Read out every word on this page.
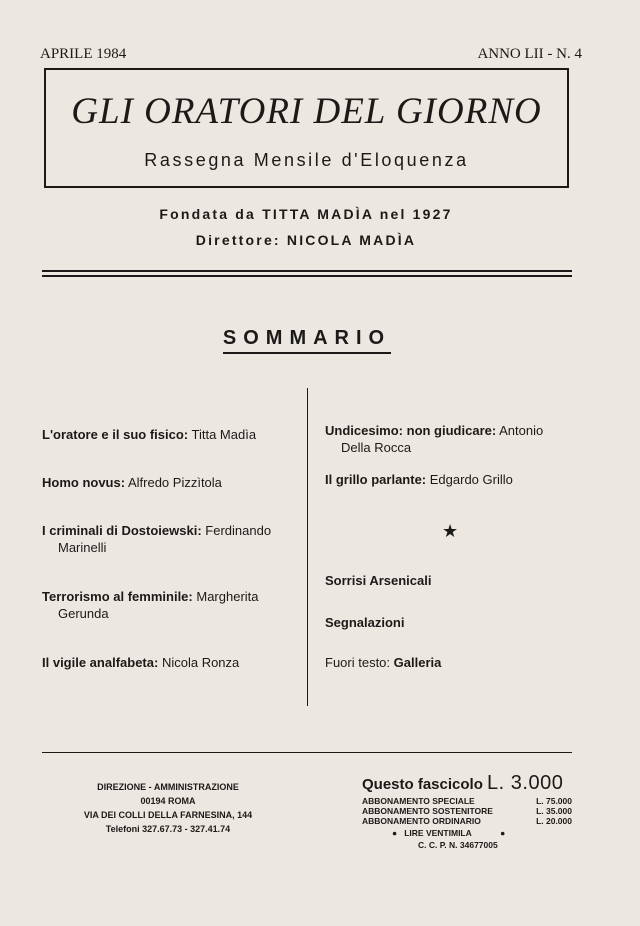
APRILE 1984	ANNO LII - N. 4
GLI ORATORI DEL GIORNO
Rassegna Mensile d'Eloquenza
Fondata da TITTA MADÌA nel 1927
Direttore: NICOLA MADÌA
SOMMARIO
L'oratore e il suo fisico: Titta Madìa
Homo novus: Alfredo Pizzìtola
I criminali di Dostoiewski: Ferdinando
Marinelli
Terrorismo al femminile: Margherita
Gerunda
Il vigile analfabeta: Nicola Ronza
Undicesimo: non giudicare: Antonio
Della Rocca
Il grillo parlante: Edgardo Grillo
★
Sorrisi Arsenicali
Segnalazioni
Fuori testo: Galleria
DIREZIONE - AMMINISTRAZIONE
00194 ROMA
VIA DEI COLLI DELLA FARNESINA, 144
Telefoni 327.67.73 - 327.41.74
Questo fascicolo L. 3.000
ABBONAMENTO SPECIALE	L. 75.000
ABBONAMENTO SOSTENITORE	L. 35.000
ABBONAMENTO ORDINARIO	L. 20.000
● LIRE VENTIMILA	●
C. C. P. N. 34677005
